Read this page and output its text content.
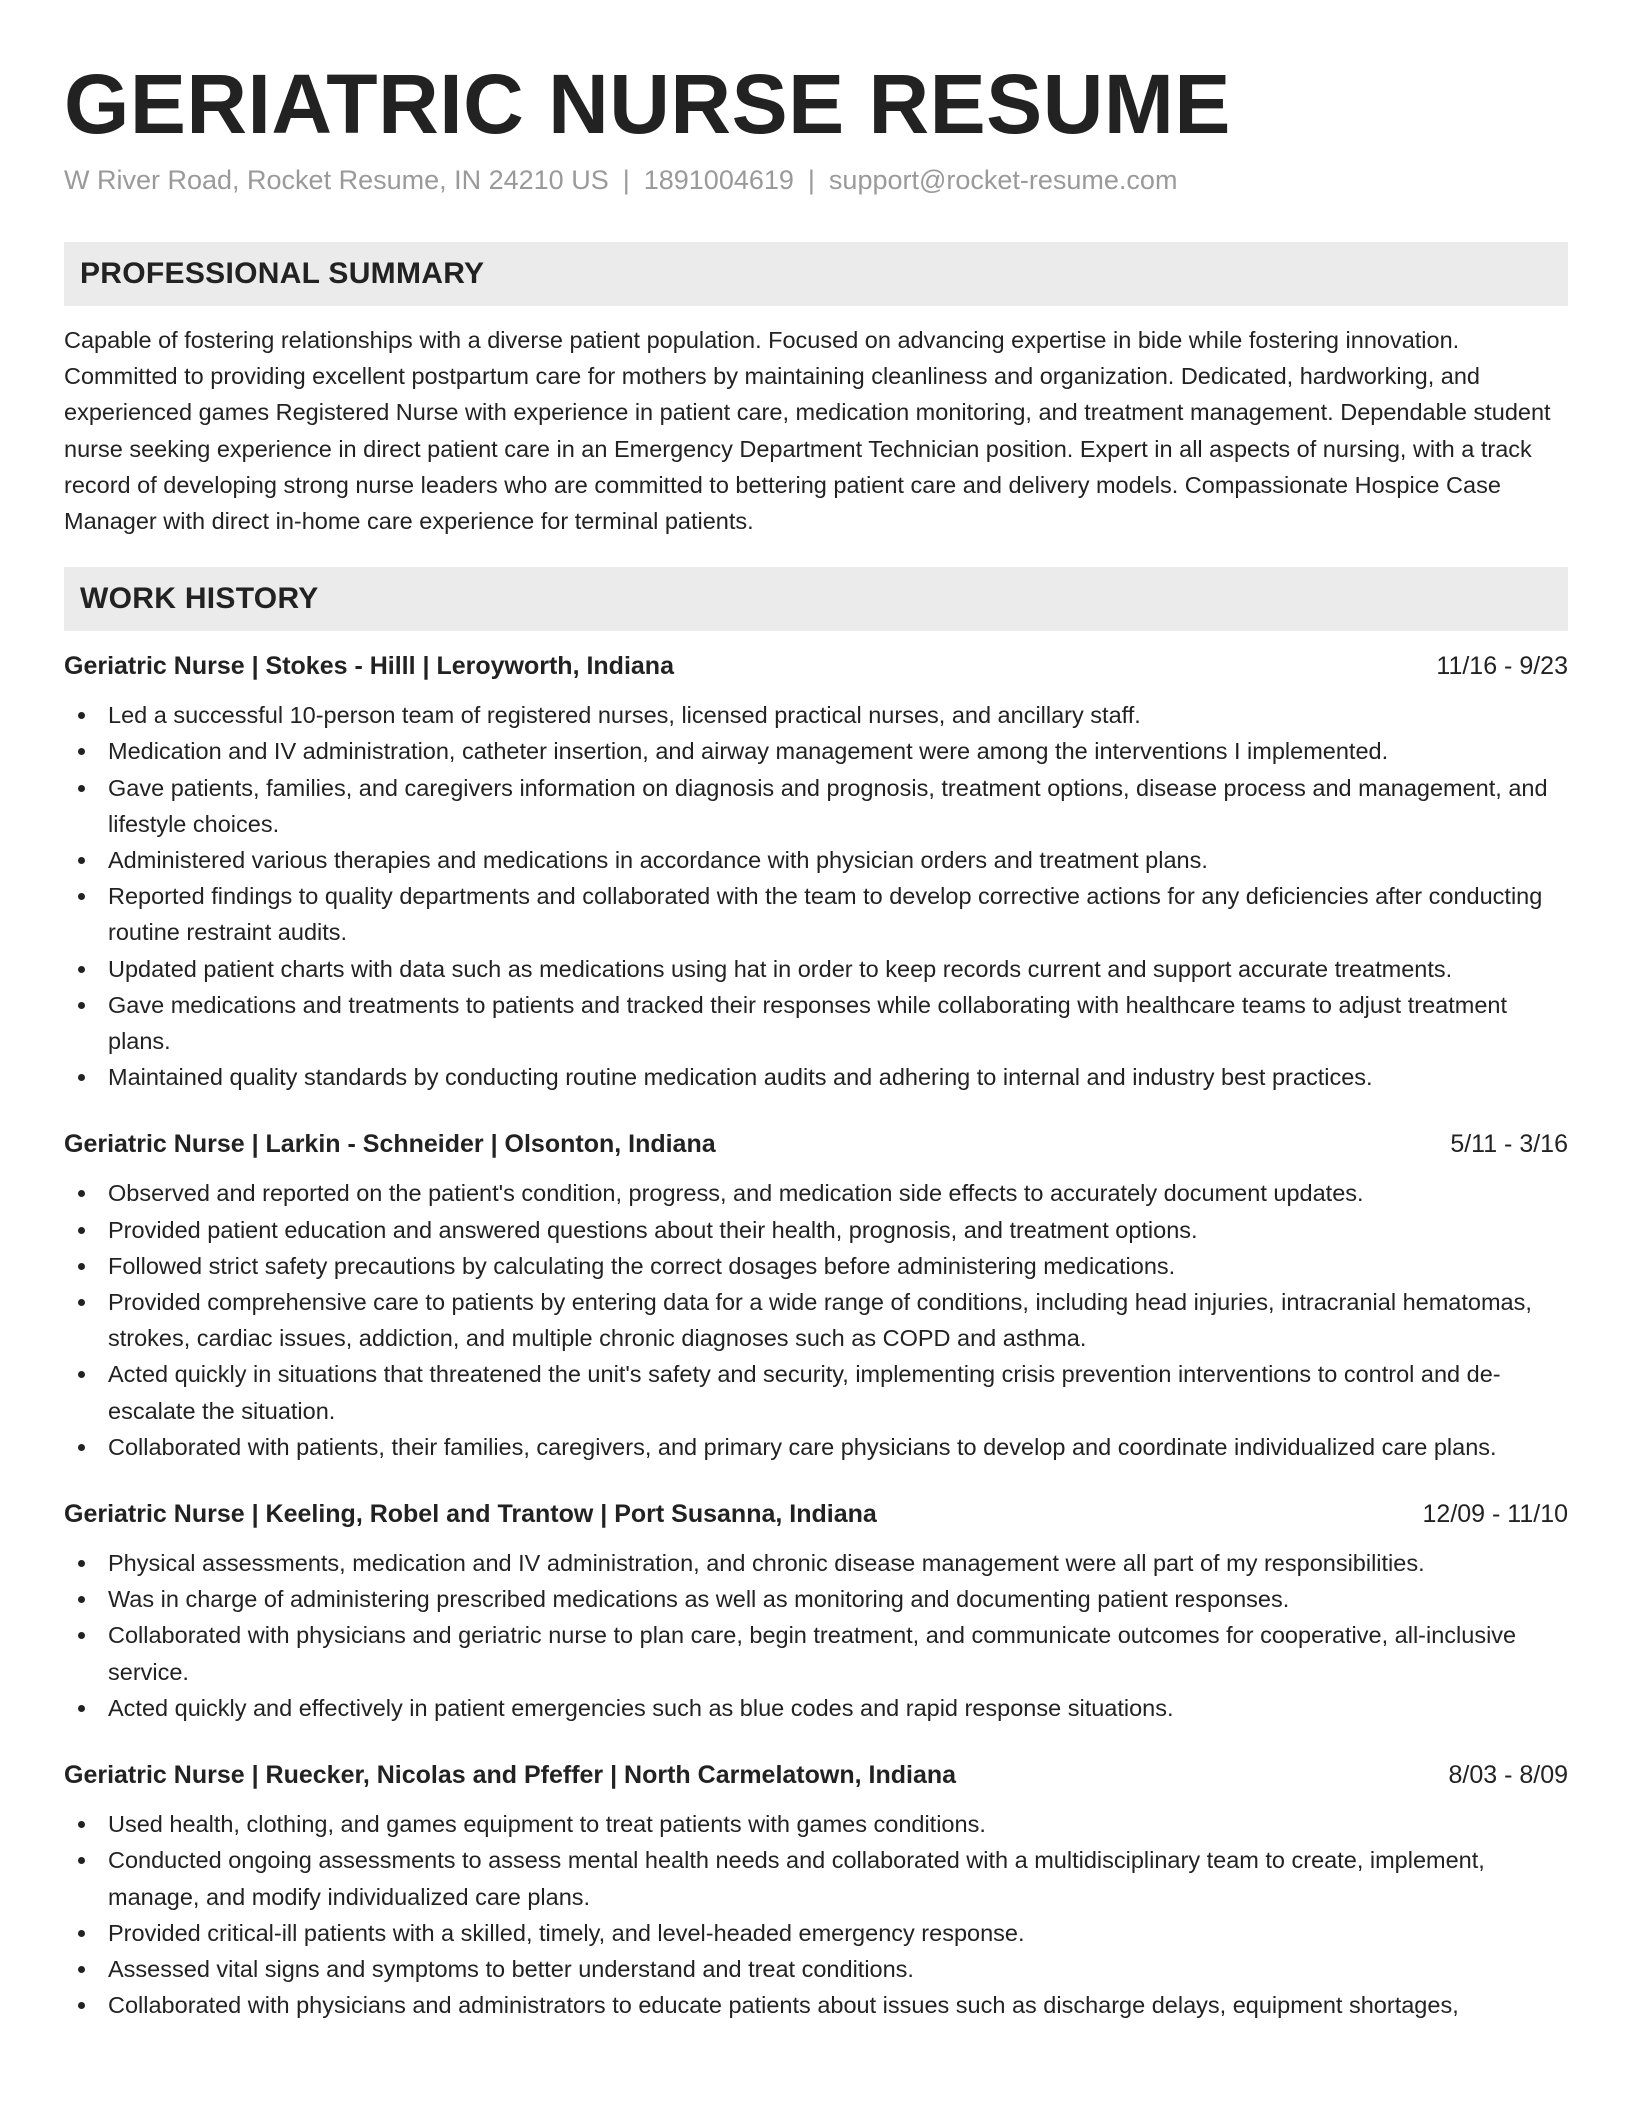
GERIATRIC NURSE RESUME
W River Road, Rocket Resume, IN 24210 US | 1891004619 | support@rocket-resume.com
PROFESSIONAL SUMMARY

Capable of fostering relationships with a diverse patient population. Focused on advancing expertise in bide while fostering innovation. Committed to providing excellent postpartum care for mothers by maintaining cleanliness and organization. Dedicated, hardworking, and experienced games Registered Nurse with experience in patient care, medication monitoring, and treatment management. Dependable student nurse seeking experience in direct patient care in an Emergency Department Technician position. Expert in all aspects of nursing, with a track record of developing strong nurse leaders who are committed to bettering patient care and delivery models. Compassionate Hospice Case Manager with direct in-home care experience for terminal patients.

WORK HISTORY
Geriatric Nurse | Stokes - Hilll | Leroyworth, Indiana	11/16 - 9/23
Led a successful 10-person team of registered nurses, licensed practical nurses, and ancillary staff.
Medication and IV administration, catheter insertion, and airway management were among the interventions I implemented.
Gave patients, families, and caregivers information on diagnosis and prognosis, treatment options, disease process and management, and lifestyle choices.
Administered various therapies and medications in accordance with physician orders and treatment plans.
Reported findings to quality departments and collaborated with the team to develop corrective actions for any deficiencies after conducting routine restraint audits.
Updated patient charts with data such as medications using hat in order to keep records current and support accurate treatments.
Gave medications and treatments to patients and tracked their responses while collaborating with healthcare teams to adjust treatment plans.
Maintained quality standards by conducting routine medication audits and adhering to internal and industry best practices.
Geriatric Nurse | Larkin - Schneider | Olsonton, Indiana	5/11 - 3/16
Observed and reported on the patient's condition, progress, and medication side effects to accurately document updates.
Provided patient education and answered questions about their health, prognosis, and treatment options.
Followed strict safety precautions by calculating the correct dosages before administering medications.
Provided comprehensive care to patients by entering data for a wide range of conditions, including head injuries, intracranial hematomas, strokes, cardiac issues, addiction, and multiple chronic diagnoses such as COPD and asthma.
Acted quickly in situations that threatened the unit's safety and security, implementing crisis prevention interventions to control and de-escalate the situation.
Collaborated with patients, their families, caregivers, and primary care physicians to develop and coordinate individualized care plans.
Geriatric Nurse | Keeling, Robel and Trantow | Port Susanna, Indiana	12/09 - 11/10
Physical assessments, medication and IV administration, and chronic disease management were all part of my responsibilities.
Was in charge of administering prescribed medications as well as monitoring and documenting patient responses.
Collaborated with physicians and geriatric nurse to plan care, begin treatment, and communicate outcomes for cooperative, all-inclusive service.
Acted quickly and effectively in patient emergencies such as blue codes and rapid response situations.
Geriatric Nurse | Ruecker, Nicolas and Pfeffer | North Carmelatown, Indiana	8/03 - 8/09
Used health, clothing, and games equipment to treat patients with games conditions.
Conducted ongoing assessments to assess mental health needs and collaborated with a multidisciplinary team to create, implement, manage, and modify individualized care plans.
Provided critical-ill patients with a skilled, timely, and level-headed emergency response.
Assessed vital signs and symptoms to better understand and treat conditions.
Collaborated with physicians and administrators to educate patients about issues such as discharge delays, equipment shortages,
